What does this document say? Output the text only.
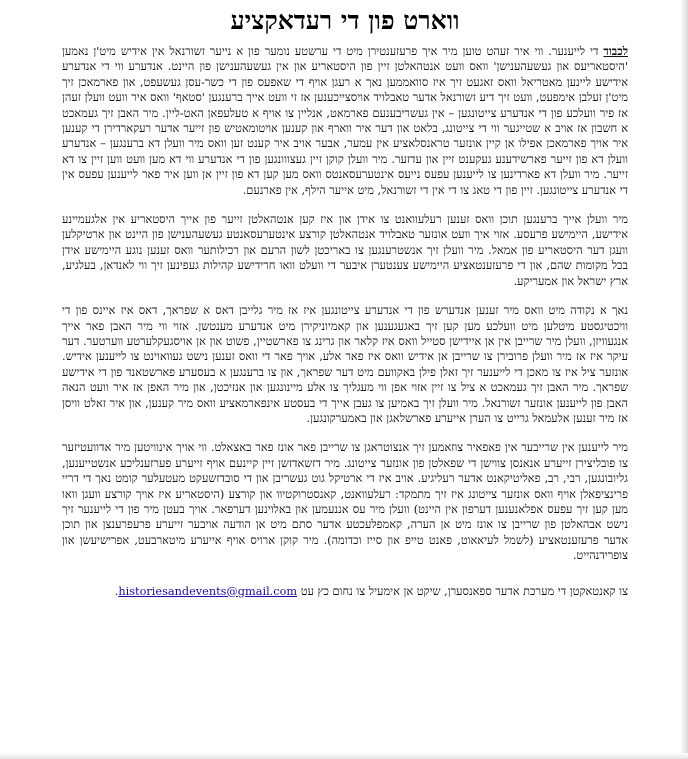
ווארט פון די רעדאקציע

לכבוד די לייענער. ווי איר זעהט טוען מיר איך פרעזענטירן מיט די ערשטע נומער פון א נייער זשורנאל אין אידיש מיט'ן נאמען 'היסטאריעס און געשעהענישן' וואס וועט אנטהאלטן זיין פון היסטאריע און אין געשעהענישן פון היינט. אנדערע ווי די אנדערע אידישע ליינען מאטריאל וואס זאגעט זיך איז סוואממען נאך א רעגן אויף די שאפעס פון די כשר-עסן געשעפט, און פארמאכן זיך מיט'ן זעלבן אימפעט, וועט זיך דיע זשורנאל אדער טאבלויד אויסצייכענען אז זי וועט אייך ברענגען 'סטאף' וואס איר וועט וועלן זעהן אז פיר וועלכע פון די אנדערע צייטונגען – אין געשריבענעם פארמאט, אנליין צו אויף א טעלעפאן האט-ליין. מיר האבן זיך געמאכט א חשבון אז אויב א שטייגער ווי די צייטונג, בלאט און דער איר ווארף און קענען אויטומאטיש פון זייער אדער רעקארדירן די קענען איר אויך פארמאכן אפילו אן קיין אונזער טראנסלאציע אין עמער, אבער אויב איר קענט זען וואס מיר וועלן דא ברענגען – אנדערע וועלן דא פון זייער פארשידענע געקענט זיין און עדזער. מיר וועלן קוקן זיין געצווונגען פון די אנדערע ווי דא מען וועט ווען זיין צו דא זייער. מיר וועלן דא פארדינען צו לייענען עפעס נייעס אינטערעסאנטס וואס מען קען דא פון זיין אן ווען איר פאר לייענען עפעס אין די אנדערע צייטונגען. זיין פון די טאג צו די אין די זשורנאל, מיט אייער הילף, אין פארנעם.

מיר וועלן אייך ברענגען תוכן וואס זענען רעלעוואנט צו אידן און איז קען אנטהאלטן זייער פון אייך היסטאריע אין אלגעמיינע אידישע, היימישע פרעסע. אזוי איך וועט אונזער טאבלויד אנטהאלטן קורצע אינטערעסאנטע געשעהענישן פון היינט און ארטיקלען וועגן דער היסטאריע פון אמאל. מיר וועלן זיך אנשטרענגען צו באריכטן לשון הרעם און רכילותער וואס זענען נוגע היימישע אידן בכל מקומות שהם, און די פרעזענטאציע היימישע צענטערן איבער די וועלט וואו חרידישע קהילות געפינען זיך ווי לאנדאן, בעלגיע, ארץ ישראל און אמעריקע.

נאך א נקודה מיט וואס מיר זענען אנדערש פון די אנדערע צייטונגען איז אז מיר גלייבן דאס א שפראך, דאס איז איינס פון די וויכטיגסטע מיטלען מיט וועלכע מען קען זיך באגעגענען און קאמיוניקירן מיט אנדערע מענטשן. אזוי ווי מיר האבן פאר אייך אנגעוויזן, וועלן מיר שרייבן אין אן איידישן סטייל וואס איז קלאר און גרינג צו פארשטיין, פשוט און אן אויסגעקלערטע ווערטער. דער עיקר איז אז מיר וועלן פרובירן צו שרייבן אן אידיש וואס איז פאר אלע, אויך פאר די וואס זענען נישט געוואוינט צו לייענען אידיש. אונזער ציל איז צו מאכן די לייענער זיך זאלן פילן באקוועם מיט דער שפראך, און צו ברענגען א בעסערע פארשטאנד פון די אידישע שפראך. מיר האבן זיך געמאכט א ציל צו זיין אזוי אפן ווי מעגליך צו אלע מיינונגען און אנזיכטן, און מיר האפן אז איר וועט הנאה האבן פון לייענען אונזער זשורנאל. מיר וועלן זיך באמיען צו געבן אייך די בעסטע אינפארמאציע וואס מיר קענען, און איר זאלט וויסן אז מיר זענען אלעמאל גרייט צו הערן אייערע פארשלאגן און באמערקונגען.

מיר לייענען אין שרייבער אין פאפאיר צוזאמען זיך אנצוטראגן צו שרייבן פאר אונז פאר באצאלט. ווי אויך אינוויטען מיר אדוועטיזער צו פובליצירן זייערע אנאנסן צווישן די שפאלטן פון אונזער צייטונג. מיר דזשאדזשן זיין קיינעם אויף זייערע פערזענליכע אנשטייענען, גליובונגען, רבי, רב, פאליטיקאנט אדער רעליגיע. אויב איז די ארטיקל גוט געשריבן און די סובדזשעקט מעטעלער קומט נאך די דריי פרינציפאלן אויף וואס אונזער צייטונג איז זיך מתמקד: רעלעוואנט, קאנסטרוקטיוו און קורצע (היסטאריע איז אויך קורצע וועגן וואו מען קען זיך עפעס אפלאנענען דערפון אין היינט) וועלן מיר עס אננעמען און באלוינען דערפאר. אויך בעטן מיר פון די לייענער זיך נישט אבהאלטן פון שרייבן צו אונז מיט אן הערה, קאמפלעכטע אדער סתם מיט אן הודעה אויבער זייערע פרעפרענצן און תוכן אדער פרעזענטאציע (לשמל לעיאאוט, פאנט טייפ און סייז וכדומה). מיר קוקן ארויס אויף אייערע מיטארבעט, אפרישיעשן און צופרידנהייט.

צו קאנטאקטן די מערכת אדער ספאנסערן, שיקט אן אימעיל צו נחום כץ עט historiesandevents@gmail.com.
